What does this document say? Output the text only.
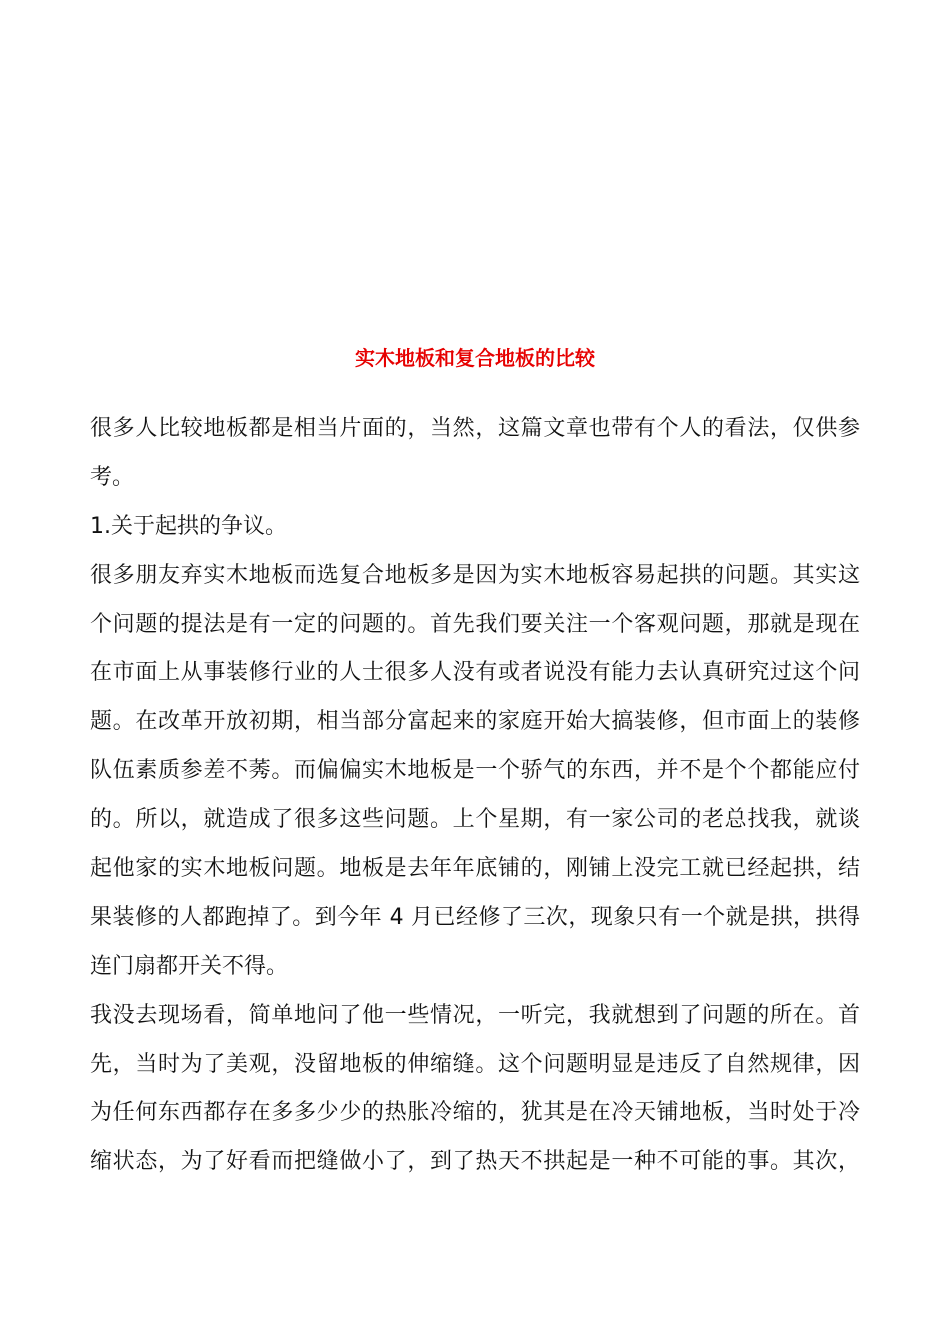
实木地板和复合地板的比较

很多人比较地板都是相当片面的，当然，这篇文章也带有个人的看法，仅供参
考。

1.关于起拱的争议。

很多朋友弃实木地板而选复合地板多是因为实木地板容易起拱的问题。其实这
个问题的提法是有一定的问题的。首先我们要关注一个客观问题，那就是现在
在市面上从事装修行业的人士很多人没有或者说没有能力去认真研究过这个问
题。在改革开放初期，相当部分富起来的家庭开始大搞装修，但市面上的装修
队伍素质参差不莠。而偏偏实木地板是一个骄气的东西，并不是个个都能应付
的。所以，就造成了很多这些问题。上个星期，有一家公司的老总找我，就谈
起他家的实木地板问题。地板是去年年底铺的，刚铺上没完工就已经起拱，结
果装修的人都跑掉了。到今年 4 月已经修了三次，现象只有一个就是拱，拱得
连门扇都开关不得。

我没去现场看，简单地问了他一些情况，一听完，我就想到了问题的所在。首
先，当时为了美观，没留地板的伸缩缝。这个问题明显是违反了自然规律，因
为任何东西都存在多多少少的热胀冷缩的，犹其是在冷天铺地板，当时处于冷
缩状态，为了好看而把缝做小了，到了热天不拱起是一种不可能的事。其次，
